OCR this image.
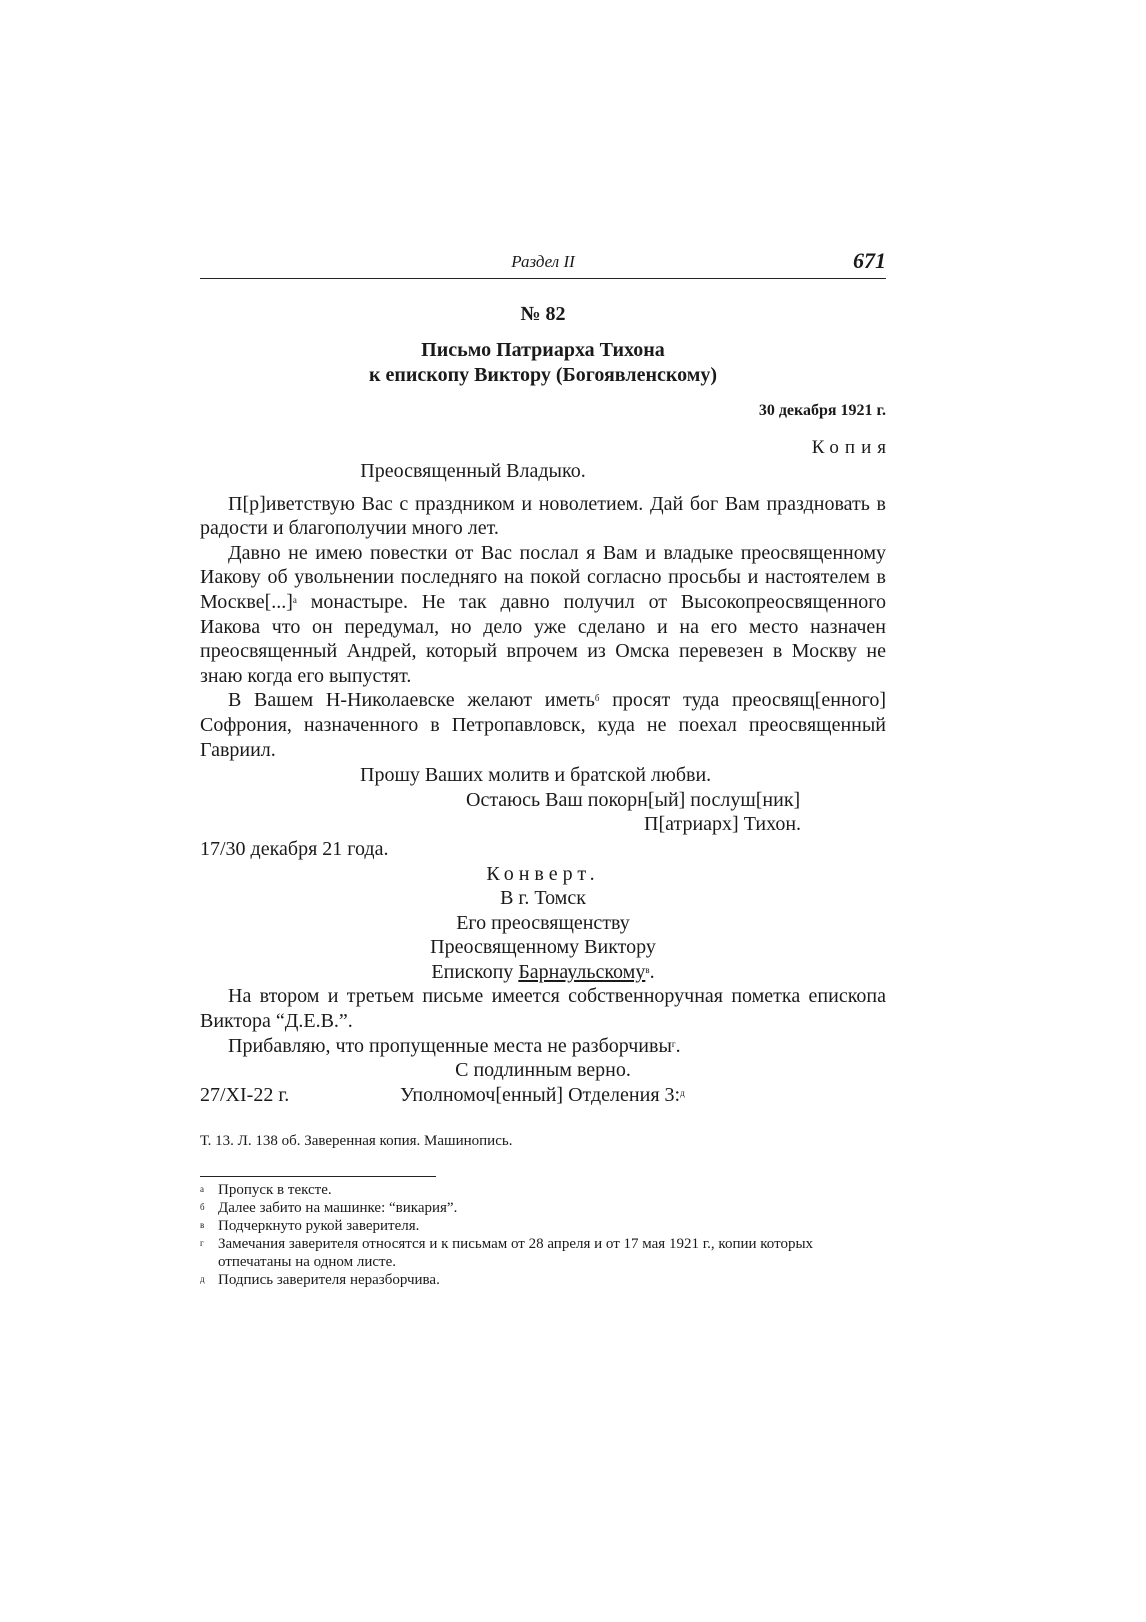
Раздел II	671
№ 82
Письмо Патриарха Тихона
к епископу Виктору (Богоявленскому)
30 декабря 1921 г.
Копия
Преосвященный Владыко.

П[р]иветствую Вас с праздником и новолетием. Дай бог Вам праздновать в радости и благополучии много лет.

Давно не имею повестки от Вас послал я Вам и владыке преосвященному Иакову об увольнении последняго на покой согласно просьбы и настоятелем в Москве[...]$^а$ монастыре. Не так давно получил от Высокопреосвященного Иакова что он передумал, но дело уже сделано и на его место назначен преосвященный Андрей, который впрочем из Омска перевезен в Москву не знаю когда его выпустят.

В Вашем Н-Николаевске желают иметь$^б$ просят туда преосвящ[енного] Софрония, назначенного в Петропавловск, куда не поехал преосвященный Гавриил.

Прошу Ваших молитв и братской любви.
Остаюсь Ваш покорн[ый] послуш[ник]
П[атриарх] Тихон.
17/30 декабря 21 года.
Конверт.
В г. Томск
Его преосвященству
Преосвященному Виктору
Епископу Барнаульскому$^в$.

На втором и третьем письме имеется собственноручная пометка епископа Виктора “Д.Е.В.”.

Прибавляю, что пропущенные места не разборчивы$^г$.

С подлинным верно.
27/XI-22 г.	Уполномоч[енный] Отделения 3:$^д$
Т. 13. Л. 138 об. Заверенная копия. Машинопись.
а Пропуск в тексте.
б Далее забито на машинке: “викария”.
в Подчеркнуто рукой заверителя.
г Замечания заверителя относятся и к письмам от 28 апреля и от 17 мая 1921 г., копии которых отпечатаны на одном листе.
д Подпись заверителя неразборчива.
